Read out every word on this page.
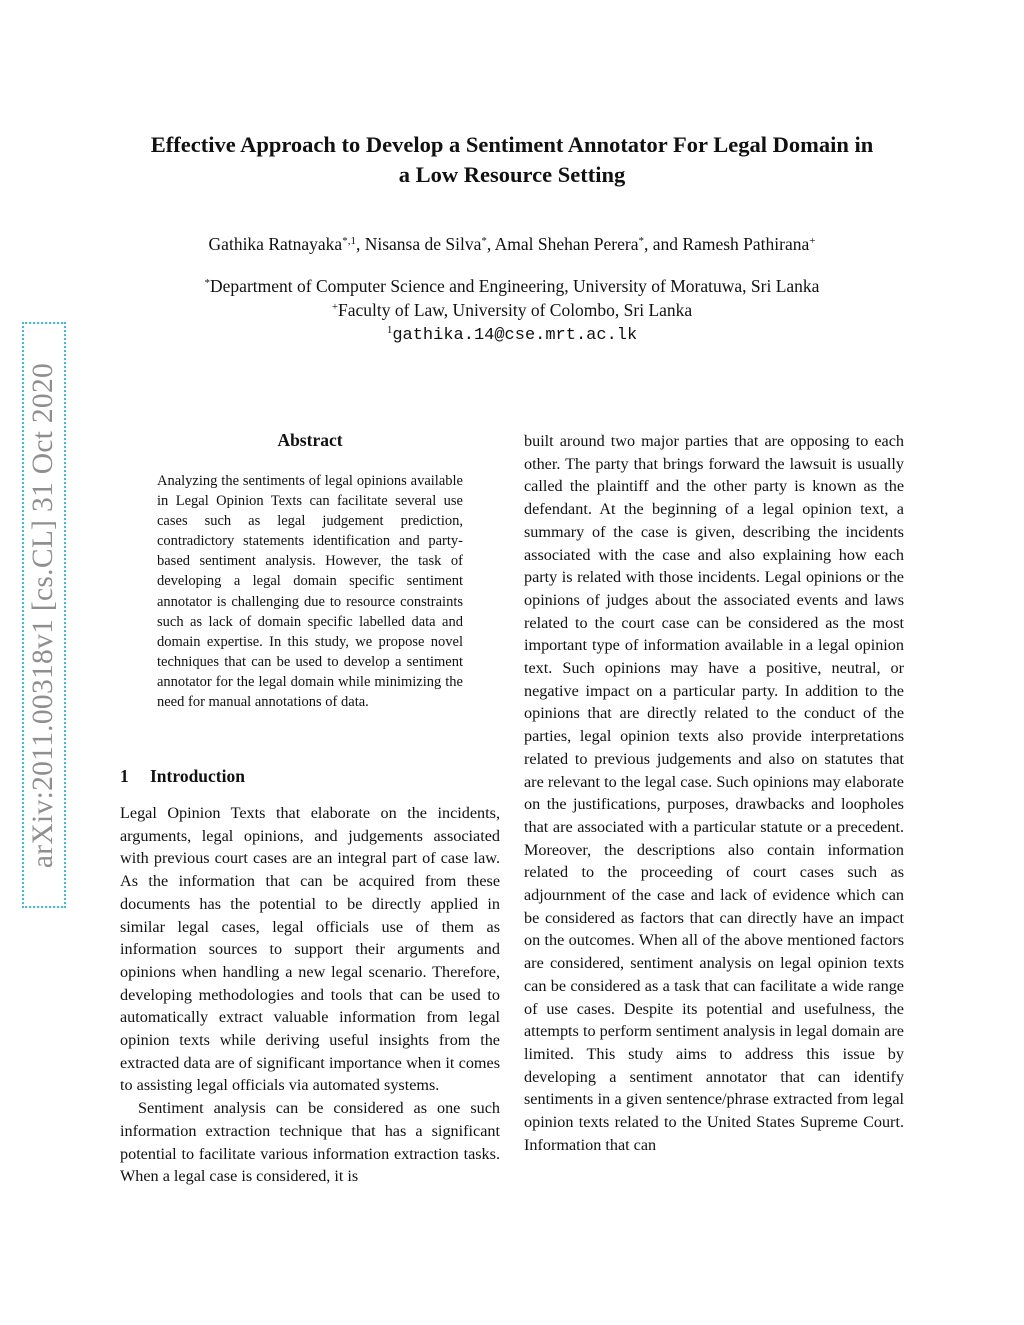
arXiv:2011.00318v1 [cs.CL] 31 Oct 2020
Effective Approach to Develop a Sentiment Annotator For Legal Domain in
a Low Resource Setting
Gathika Ratnayaka$^{*,1}$, Nisansa de Silva*, Amal Shehan Perera*, and Ramesh Pathirana+
*Department of Computer Science and Engineering, University of Moratuwa, Sri Lanka
+Faculty of Law, University of Colombo, Sri Lanka
$^1$gathika.14@cse.mrt.ac.lk
Abstract

Analyzing the sentiments of legal opinions available in Legal Opinion Texts can facilitate several use cases such as legal judgement prediction, contradictory statements identification and party-based sentiment analysis. However, the task of developing a legal domain specific sentiment annotator is challenging due to resource constraints such as lack of domain specific labelled data and domain expertise. In this study, we propose novel techniques that can be used to develop a sentiment annotator for the legal domain while minimizing the need for manual annotations of data.

1 Introduction

Legal Opinion Texts that elaborate on the incidents, arguments, legal opinions, and judgements associated with previous court cases are an integral part of case law. As the information that can be acquired from these documents has the potential to be directly applied in similar legal cases, legal officials use of them as information sources to support their arguments and opinions when handling a new legal scenario. Therefore, developing methodologies and tools that can be used to automatically extract valuable information from legal opinion texts while deriving useful insights from the extracted data are of significant importance when it comes to assisting legal officials via automated systems.

Sentiment analysis can be considered as one such information extraction technique that has a significant potential to facilitate various information extraction tasks. When a legal case is considered, it is

built around two major parties that are opposing to each other. The party that brings forward the lawsuit is usually called the plaintiff and the other party is known as the defendant. At the beginning of a legal opinion text, a summary of the case is given, describing the incidents associated with the case and also explaining how each party is related with those incidents. Legal opinions or the opinions of judges about the associated events and laws related to the court case can be considered as the most important type of information available in a legal opinion text. Such opinions may have a positive, neutral, or negative impact on a particular party. In addition to the opinions that are directly related to the conduct of the parties, legal opinion texts also provide interpretations related to previous judgements and also on statutes that are relevant to the legal case. Such opinions may elaborate on the justifications, purposes, drawbacks and loopholes that are associated with a particular statute or a precedent. Moreover, the descriptions also contain information related to the proceeding of court cases such as adjournment of the case and lack of evidence which can be considered as factors that can directly have an impact on the outcomes. When all of the above mentioned factors are considered, sentiment analysis on legal opinion texts can be considered as a task that can facilitate a wide range of use cases. Despite its potential and usefulness, the attempts to perform sentiment analysis in legal domain are limited. This study aims to address this issue by developing a sentiment annotator that can identify sentiments in a given sentence/phrase extracted from legal opinion texts related to the United States Supreme Court. Information that can
